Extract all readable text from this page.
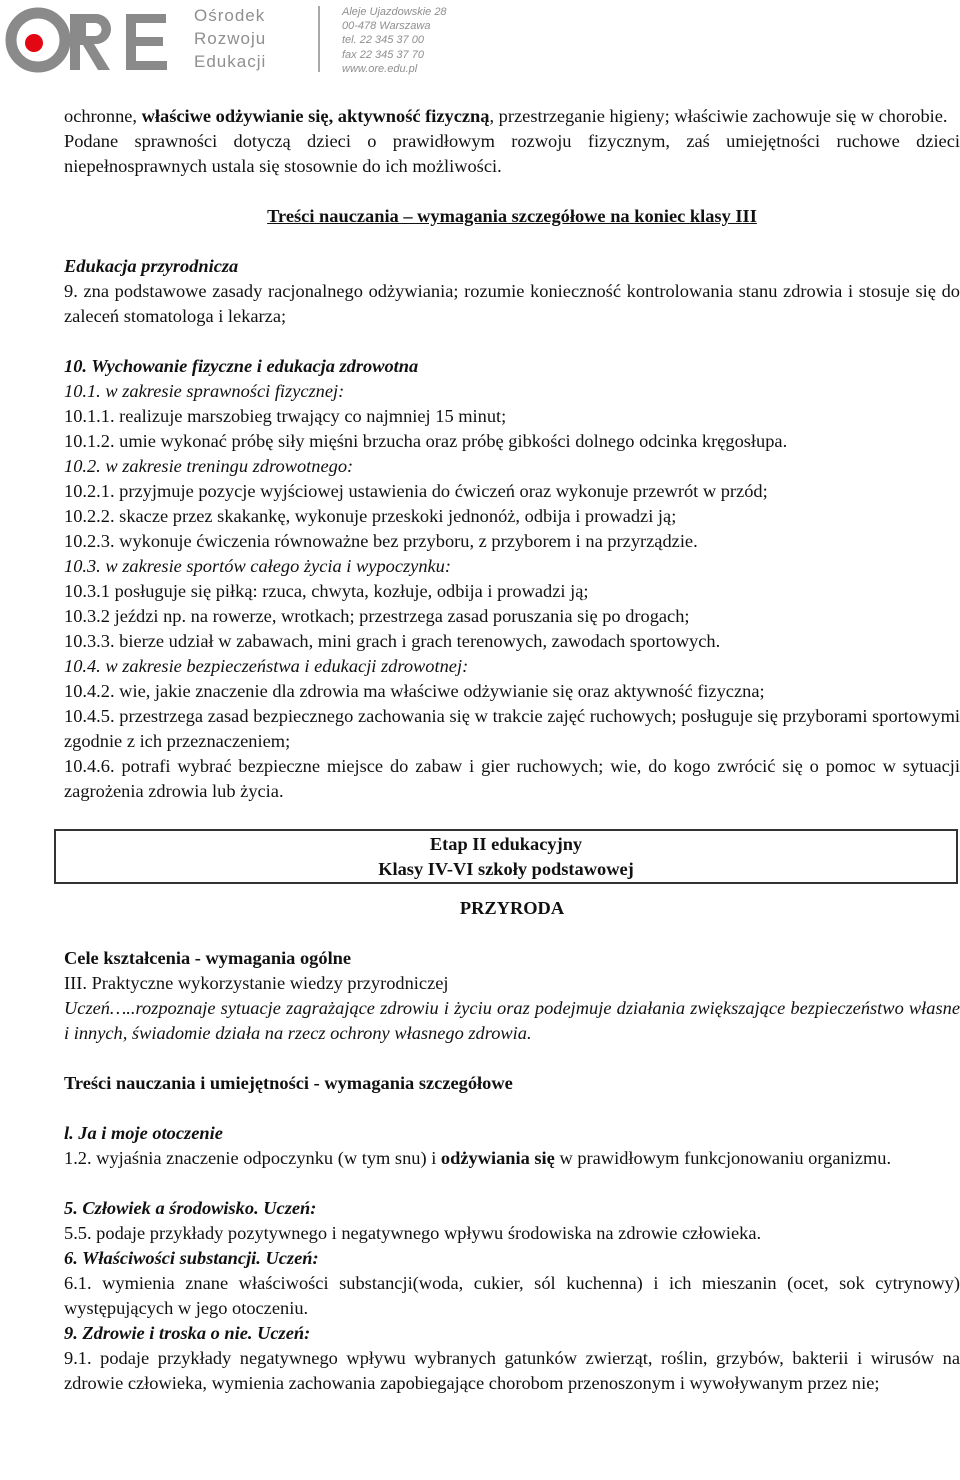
Ośrodek
Rozwoju
Edukacji
Aleje Ujazdowskie 28
00-478 Warszawa
tel. 22 345 37 00
fax 22 345 37 70
www.ore.edu.pl

ochronne, właściwe odżywianie się, aktywność fizyczną, przestrzeganie higieny; właściwie zachowuje się w chorobie.

Podane sprawności dotyczą dzieci o prawidłowym rozwoju fizycznym, zaś umiejętności ruchowe dzieci niepełnosprawnych ustala się stosownie do ich możliwości.

Treści nauczania – wymagania szczegółowe na koniec klasy III

Edukacja przyrodnicza

9. zna podstawowe zasady racjonalnego odżywiania; rozumie konieczność kontrolowania stanu zdrowia i stosuje się do zaleceń stomatologa i lekarza;

10. Wychowanie fizyczne i edukacja zdrowotna

10.1. w zakresie sprawności fizycznej:

10.1.1. realizuje marszobieg trwający co najmniej 15 minut;

10.1.2. umie wykonać próbę siły mięśni brzucha oraz próbę gibkości dolnego odcinka kręgosłupa.

10.2. w zakresie treningu zdrowotnego:

10.2.1. przyjmuje pozycje wyjściowej ustawienia do ćwiczeń oraz wykonuje przewrót w przód;

10.2.2. skacze przez skakankę, wykonuje przeskoki jednonóż, odbija i prowadzi ją;

10.2.3. wykonuje ćwiczenia równoważne bez przyboru, z przyborem i na przyrządzie.

10.3. w zakresie sportów całego życia i wypoczynku:

10.3.1 posługuje się piłką: rzuca, chwyta, kozłuje, odbija i prowadzi ją;

10.3.2 jeździ np. na rowerze, wrotkach; przestrzega zasad poruszania się po drogach;

10.3.3. bierze udział w zabawach, mini grach i grach terenowych, zawodach sportowych.

10.4. w zakresie bezpieczeństwa i edukacji zdrowotnej:

10.4.2. wie, jakie znaczenie dla zdrowia ma właściwe odżywianie się oraz aktywność fizyczna;

10.4.5. przestrzega zasad bezpiecznego zachowania się w trakcie zajęć ruchowych; posługuje się przyborami sportowymi zgodnie z ich przeznaczeniem;

10.4.6. potrafi wybrać bezpieczne miejsce do zabaw i gier ruchowych; wie, do kogo zwrócić się o pomoc w sytuacji zagrożenia zdrowia lub życia.

Etap II edukacyjny
Klasy IV-VI szkoły podstawowej

PRZYRODA

Cele kształcenia - wymagania ogólne

III. Praktyczne wykorzystanie wiedzy przyrodniczej

Uczeń…..rozpoznaje sytuacje zagrażające zdrowiu i życiu oraz podejmuje działania zwiększające bezpieczeństwo własne i innych, świadomie działa na rzecz ochrony własnego zdrowia.

Treści nauczania i umiejętności - wymagania szczegółowe

l. Ja i moje otoczenie

1.2. wyjaśnia znaczenie odpoczynku (w tym snu) i odżywiania się w prawidłowym funkcjonowaniu organizmu.

5. Człowiek a środowisko. Uczeń:

5.5. podaje przykłady pozytywnego i negatywnego wpływu środowiska na zdrowie człowieka.

6. Właściwości substancji. Uczeń:

6.1. wymienia znane właściwości substancji(woda, cukier, sól kuchenna) i ich mieszanin (ocet, sok cytrynowy) występujących w jego otoczeniu.

9. Zdrowie i troska o nie. Uczeń:

9.1. podaje przykłady negatywnego wpływu wybranych gatunków zwierząt, roślin, grzybów, bakterii i wirusów na zdrowie człowieka, wymienia zachowania zapobiegające chorobom przenoszonym i wywoływanym przez nie;
